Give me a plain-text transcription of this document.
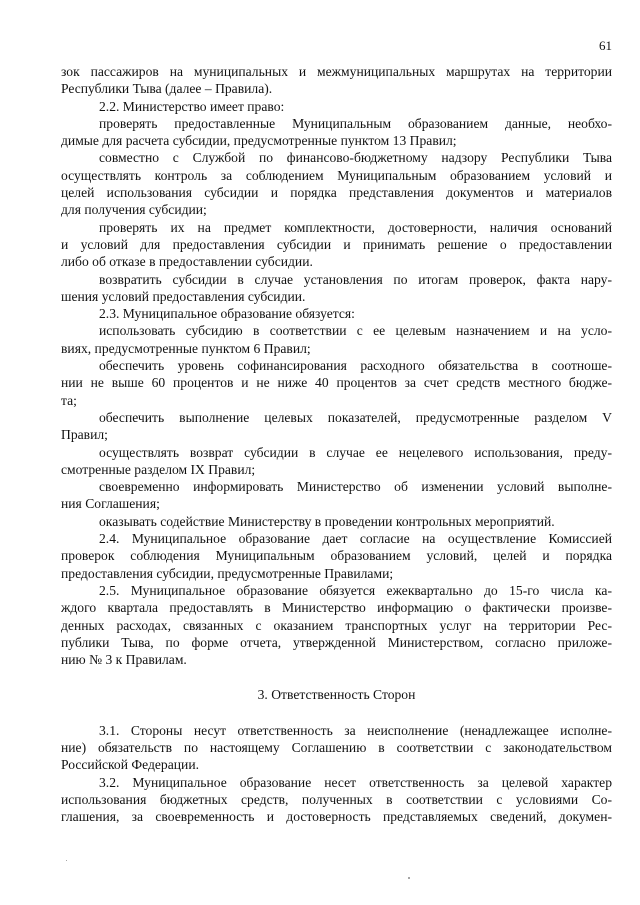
61
зок пассажиров на муниципальных и межмуниципальных маршрутах на территории
Республики Тыва (далее – Правила).
2.2. Министерство имеет право:
проверять предоставленные Муниципальным образованием данные, необхо-
димые для расчета субсидии, предусмотренные пунктом 13 Правил;
совместно с Службой по финансово-бюджетному надзору Республики Тыва
осуществлять контроль за соблюдением Муниципальным образованием условий и
целей использования субсидии и порядка представления документов и материалов
для получения субсидии;
проверять их на предмет комплектности, достоверности, наличия оснований
и условий для предоставления субсидии и принимать решение о предоставлении
либо об отказе в предоставлении субсидии.
возвратить субсидии в случае установления по итогам проверок, факта нару-
шения условий предоставления субсидии.
2.3. Муниципальное образование обязуется:
использовать субсидию в соответствии с ее целевым назначением и на усло-
виях, предусмотренные пунктом 6 Правил;
обеспечить уровень софинансирования расходного обязательства в соотноше-
нии не выше 60 процентов и не ниже 40 процентов за счет средств местного бюдже-
та;
обеспечить выполнение целевых показателей, предусмотренные разделом V
Правил;
осуществлять возврат субсидии в случае ее нецелевого использования, преду-
смотренные разделом IX Правил;
своевременно информировать Министерство об изменении условий выполне-
ния Соглашения;
оказывать содействие Министерству в проведении контрольных мероприятий.
2.4. Муниципальное образование дает согласие на осуществление Комиссией
проверок соблюдения Муниципальным образованием условий, целей и порядка
предоставления субсидии, предусмотренные Правилами;
2.5. Муниципальное образование обязуется ежеквартально до 15-го числа ка-
ждого квартала предоставлять в Министерство информацию о фактически произве-
денных расходах, связанных с оказанием транспортных услуг на территории Рес-
публики Тыва, по форме отчета, утвержденной Министерством, согласно приложе-
нию № 3 к Правилам.
3. Ответственность Сторон
3.1. Стороны несут ответственность за неисполнение (ненадлежащее исполне-
ние) обязательств по настоящему Соглашению в соответствии с законодательством
Российской Федерации.
3.2. Муниципальное образование несет ответственность за целевой характер
использования бюджетных средств, полученных в соответствии с условиями Со-
глашения, за своевременность и достоверность представляемых сведений, докумен-
